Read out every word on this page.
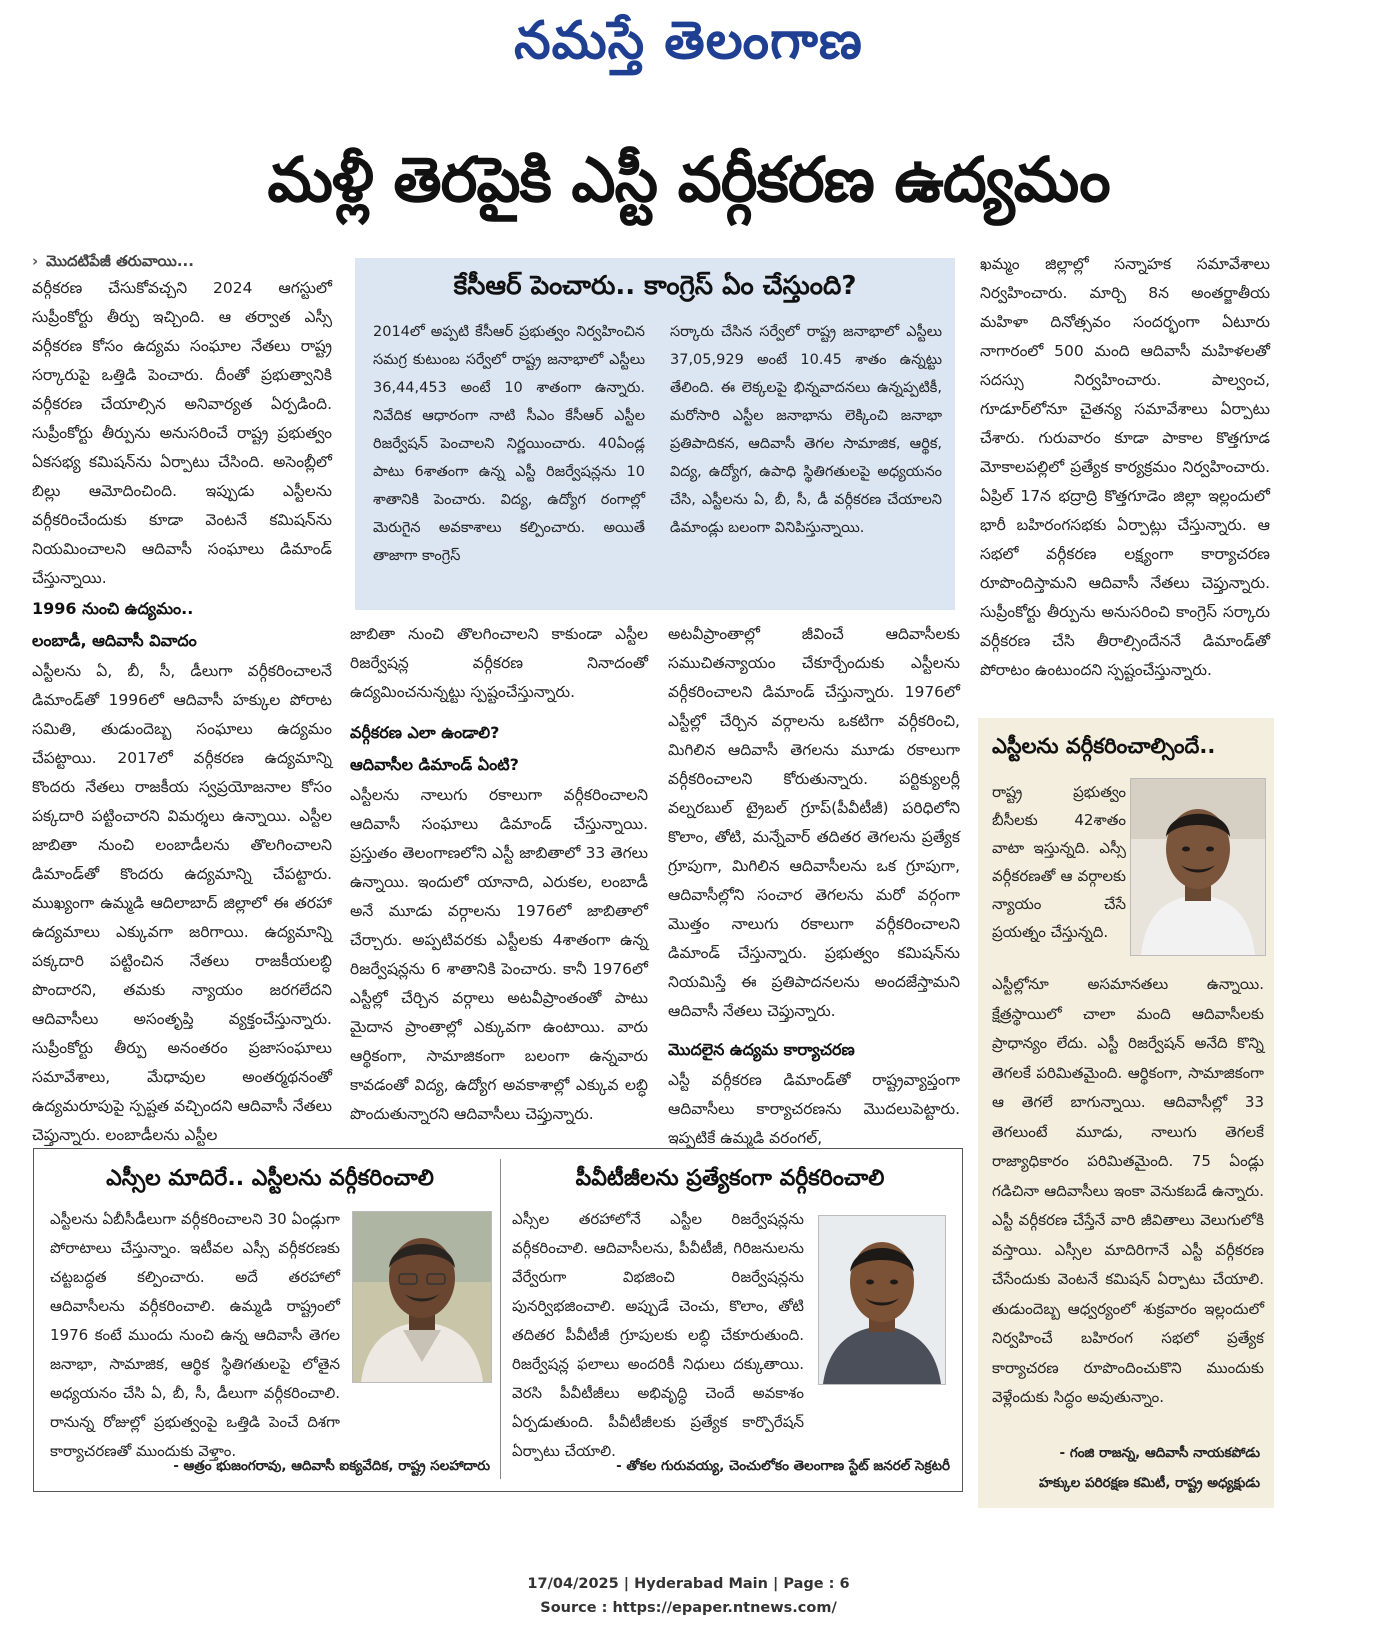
నమస్తే తెలంగాణ
మళ్లీ తెరపైకి ఎస్టీ వర్గీకరణ ఉద్యమం
› మొదటిపేజీ తరువాయి...

వర్గీకరణ చేసుకోవచ్చని 2024 ఆగస్టులో సుప్రీంకోర్టు తీర్పు ఇచ్చింది. ఆ తర్వాత ఎస్సీ వర్గీకరణ కోసం ఉద్యమ సంఘాల నేతలు రాష్ట్ర సర్కారుపై ఒత్తిడి పెంచారు. దీంతో ప్రభుత్వానికి వర్గీకరణ చేయాల్సిన అనివార్యత ఏర్పడింది. సుప్రీంకోర్టు తీర్పును అనుసరించే రాష్ట్ర ప్రభుత్వం ఏకసభ్య కమిషన్‌ను ఏర్పాటు చేసింది. అసెంబ్లీలో బిల్లు ఆమోదించింది. ఇప్పుడు ఎస్టీలను వర్గీకరించేందుకు కూడా వెంటనే కమిషన్‌ను నియమించాలని ఆదివాసీ సంఘాలు డిమాండ్ చేస్తున్నాయి.

1996 నుంచి ఉద్యమం..

లంబాడీ, ఆదివాసీ వివాదం

ఎస్టీలను ఏ, బీ, సీ, డీలుగా వర్గీకరించాలనే డిమాండ్‌తో 1996లో ఆదివాసీ హక్కుల పోరాట సమితి, తుడుందెబ్బ సంఘాలు ఉద్యమం చేపట్టాయి. 2017లో వర్గీకరణ ఉద్యమాన్ని కొందరు నేతలు రాజకీయ స్వప్రయోజనాల కోసం పక్కదారి పట్టించారని విమర్శలు ఉన్నాయి. ఎస్టీల జాబితా నుంచి లంబాడీలను తొలగించాలని డిమాండ్‌తో కొందరు ఉద్యమాన్ని చేపట్టారు. ముఖ్యంగా ఉమ్మడి ఆదిలాబాద్ జిల్లాలో ఈ తరహా ఉద్యమాలు ఎక్కువగా జరిగాయి. ఉద్యమాన్ని పక్కదారి పట్టించిన నేతలు రాజకీయలబ్ధి పొందారని, తమకు న్యాయం జరగలేదని ఆదివాసీలు అసంతృప్తి వ్యక్తంచేస్తున్నారు. సుప్రీంకోర్టు తీర్పు అనంతరం ప్రజాసంఘాలు సమావేశాలు, మేధావుల అంతర్మథనంతో ఉద్యమరూపుపై స్పష్టత వచ్చిందని ఆదివాసీ నేతలు చెప్తున్నారు. లంబాడీలను ఎస్టీల

కేసీఆర్ పెంచారు.. కాంగ్రెస్ ఏం చేస్తుంది?
2014లో అప్పటి కేసీఆర్ ప్రభుత్వం నిర్వహించిన సమగ్ర కుటుంబ సర్వేలో రాష్ట్ర జనాభాలో ఎస్టీలు 36,44,453 అంటే 10 శాతంగా ఉన్నారు. నివేదిక ఆధారంగా నాటి సీఎం కేసీఆర్ ఎస్టీల రిజర్వేషన్ పెంచాలని నిర్ణయించారు. 40ఏండ్ల పాటు 6శాతంగా ఉన్న ఎస్టీ రిజర్వేషన్లను 10 శాతానికి పెంచారు. విద్య, ఉద్యోగ రంగాల్లో మెరుగైన అవకాశాలు కల్పించారు. అయితే తాజాగా కాంగ్రెస్
సర్కారు చేసిన సర్వేలో రాష్ట్ర జనాభాలో ఎస్టీలు 37,05,929 అంటే 10.45 శాతం ఉన్నట్టు తేలింది. ఈ లెక్కలపై భిన్నవాదనలు ఉన్నప్పటికీ, మరోసారి ఎస్టీల జనాభాను లెక్కించి జనాభా ప్రతిపాదికన, ఆదివాసీ తెగల సామాజిక, ఆర్థిక, విద్య, ఉద్యోగ, ఉపాధి స్థితిగతులపై అధ్యయనం చేసి, ఎస్టీలను ఏ, బీ, సీ, డీ వర్గీకరణ చేయాలని డిమాండ్లు బలంగా వినిపిస్తున్నాయి.

జాబితా నుంచి తొలగించాలని కాకుండా ఎస్టీల రిజర్వేషన్ల వర్గీకరణ నినాదంతో ఉద్యమించనున్నట్టు స్పష్టంచేస్తున్నారు.

వర్గీకరణ ఎలా ఉండాలి?

ఆదివాసీల డిమాండ్ ఏంటి?

ఎస్టీలను నాలుగు రకాలుగా వర్గీకరించాలని ఆదివాసీ సంఘాలు డిమాండ్ చేస్తున్నాయి. ప్రస్తుతం తెలంగాణలోని ఎస్టీ జాబితాలో 33 తెగలు ఉన్నాయి. ఇందులో యానాది, ఎరుకల, లంబాడీ అనే మూడు వర్గాలను 1976లో జాబితాలో చేర్చారు. అప్పటివరకు ఎస్టీలకు 4శాతంగా ఉన్న రిజర్వేషన్లను 6 శాతానికి పెంచారు. కానీ 1976లో ఎస్టీల్లో చేర్చిన వర్గాలు అటవీప్రాంతంతో పాటు మైదాన ప్రాంతాల్లో ఎక్కువగా ఉంటాయి. వారు ఆర్థికంగా, సామాజికంగా బలంగా ఉన్నవారు కావడంతో విద్య, ఉద్యోగ అవకాశాల్లో ఎక్కువ లబ్ధి పొందుతున్నారని ఆదివాసీలు చెప్తున్నారు.

అటవీప్రాంతాల్లో జీవించే ఆదివాసీలకు సముచితన్యాయం చేకూర్చేందుకు ఎస్టీలను వర్గీకరించాలని డిమాండ్ చేస్తున్నారు. 1976లో ఎస్టీల్లో చేర్చిన వర్గాలను ఒకటిగా వర్గీకరించి, మిగిలిన ఆదివాసీ తెగలను మూడు రకాలుగా వర్గీకరించాలని కోరుతున్నారు. పర్టిక్యులర్లీ వల్నరబుల్ ట్రైబల్ గ్రూప్(పీవీటీజీ) పరిధిలోని కొలాం, తోటి, మన్నేవార్ తదితర తెగలను ప్రత్యేక గ్రూపుగా, మిగిలిన ఆదివాసీలను ఒక గ్రూపుగా, ఆదివాసీల్లోని సంచార తెగలను మరో వర్గంగా మొత్తం నాలుగు రకాలుగా వర్గీకరించాలని డిమాండ్ చేస్తున్నారు. ప్రభుత్వం కమిషన్‌ను నియమిస్తే ఈ ప్రతిపాదనలను అందజేస్తామని ఆదివాసీ నేతలు చెప్తున్నారు.

మొదలైన ఉద్యమ కార్యాచరణ

ఎస్టీ వర్గీకరణ డిమాండ్‌తో రాష్ట్రవ్యాప్తంగా ఆదివాసీలు కార్యాచరణను మొదలుపెట్టారు. ఇప్పటికే ఉమ్మడి వరంగల్,

ఖమ్మం జిల్లాల్లో సన్నాహక సమావేశాలు నిర్వహించారు. మార్చి 8న అంతర్జాతీయ మహిళా దినోత్సవం సందర్భంగా ఏటూరు నాగారంలో 500 మంది ఆదివాసీ మహిళలతో సదస్సు నిర్వహించారు. పాల్వంచ, గూడూర్‌లోనూ చైతన్య సమావేశాలు ఏర్పాటు చేశారు. గురువారం కూడా పాకాల కొత్తగూడ మోకాలపల్లిలో ప్రత్యేక కార్యక్రమం నిర్వహించారు. ఏప్రిల్ 17న భద్రాద్రి కొత్తగూడెం జిల్లా ఇల్లందులో భారీ బహిరంగసభకు ఏర్పాట్లు చేస్తున్నారు. ఆ సభలో వర్గీకరణ లక్ష్యంగా కార్యాచరణ రూపొందిస్తామని ఆదివాసీ నేతలు చెప్తున్నారు. సుప్రీంకోర్టు తీర్పును అనుసరించి కాంగ్రెస్ సర్కారు వర్గీకరణ చేసి తీరాల్సిందేననే డిమాండ్‌తో పోరాటం ఉంటుందని స్పష్టంచేస్తున్నారు.

ఎస్టీలను వర్గీకరించాల్సిందే..
రాష్ట్ర ప్రభుత్వం బీసీలకు 42శాతం వాటా ఇస్తున్నది. ఎస్సీ వర్గీకరణతో ఆ వర్గాలకు న్యాయం చేసే ప్రయత్నం చేస్తున్నది.
ఎస్టీల్లోనూ అసమానతలు ఉన్నాయి. క్షేత్రస్థాయిలో చాలా మంది ఆదివాసీలకు ప్రాధాన్యం లేదు. ఎస్టీ రిజర్వేషన్ అనేది కొన్ని తెగలకే పరిమితమైంది. ఆర్థికంగా, సామాజికంగా ఆ తెగలే బాగున్నాయి. ఆదివాసీల్లో 33 తెగలుంటే మూడు, నాలుగు తెగలకే రాజ్యాధికారం పరిమితమైంది. 75 ఏండ్లు గడిచినా ఆదివాసీలు ఇంకా వెనుకబడే ఉన్నారు. ఎస్టీ వర్గీకరణ చేస్తేనే వారి జీవితాలు వెలుగులోకి వస్తాయి. ఎస్సీల మాదిరిగానే ఎస్టీ వర్గీకరణ చేసేందుకు వెంటనే కమిషన్ ఏర్పాటు చేయాలి. తుడుందెబ్బ ఆధ్వర్యంలో శుక్రవారం ఇల్లందులో నిర్వహించే బహిరంగ సభలో ప్రత్యేక కార్యాచరణ రూపొందించుకొని ముందుకు వెళ్లేందుకు సిద్ధం అవుతున్నాం.
- గంజి రాజన్న, ఆదివాసీ నాయకపోడు
హక్కుల పరిరక్షణ కమిటీ, రాష్ట్ర అధ్యక్షుడు
ఎస్సీల మాదిరే.. ఎస్టీలను వర్గీకరించాలి
ఎస్టీలను ఏబీసీడీలుగా వర్గీకరించాలని 30 ఏండ్లుగా పోరాటాలు చేస్తున్నాం. ఇటీవల ఎస్సీ వర్గీకరణకు చట్టబద్ధత కల్పించారు. అదే తరహాలో ఆదివాసీలను వర్గీకరించాలి. ఉమ్మడి రాష్ట్రంలో 1976 కంటే ముందు నుంచి ఉన్న ఆదివాసీ తెగల జనాభా, సామాజిక, ఆర్థిక స్థితిగతులపై లోతైన అధ్యయనం చేసి ఏ, బీ, సీ, డీలుగా వర్గీకరించాలి. రానున్న రోజుల్లో ప్రభుత్వంపై ఒత్తిడి పెంచే దిశగా కార్యాచరణతో ముందుకు వెళ్తాం.
- ఆత్రం భుజంగరావు, ఆదివాసీ ఐక్యవేదిక, రాష్ట్ర సలహాదారు
పీవీటీజీలను ప్రత్యేకంగా వర్గీకరించాలి
ఎస్సీల తరహాలోనే ఎస్టీల రిజర్వేషన్లను వర్గీకరించాలి. ఆదివాసీలను, పీవీటీజీ, గిరిజనులను వేర్వేరుగా విభజించి రిజర్వేషన్లను పునర్విభజించాలి. అప్పుడే చెంచు, కొలాం, తోటి తదితర పీవీటీజీ గ్రూపులకు లబ్ధి చేకూరుతుంది. రిజర్వేషన్ల ఫలాలు అందరికీ నిధులు దక్కుతాయి. వెరసి పీవీటీజీలు అభివృద్ధి చెందే అవకాశం ఏర్పడుతుంది. పీవీటీజీలకు ప్రత్యేక కార్పొరేషన్ ఏర్పాటు చేయాలి.
- తోకల గురువయ్య, చెంచులోకం తెలంగాణ స్టేట్ జనరల్ సెక్రటరీ
17/04/2025 | Hyderabad Main | Page : 6
Source : https://epaper.ntnews.com/
